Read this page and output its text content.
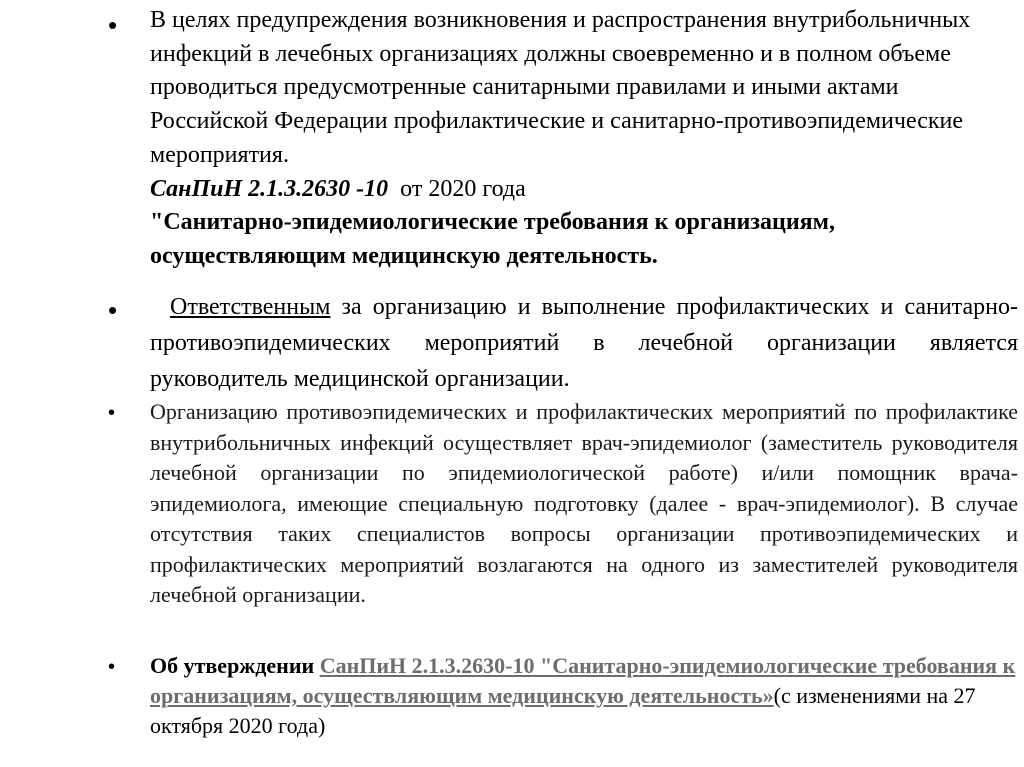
• В целях предупреждения возникновения и распространения внутрибольничных инфекций в лечебных организациях должны своевременно и в полном объеме проводиться предусмотренные санитарными правилами и иными актами Российской Федерации профилактические и санитарно-противоэпидемические мероприятия.
СанПиН 2.1.3.2630 -10 от 2020 года
"Санитарно-эпидемиологические требования к организациям, осуществляющим медицинскую деятельность.
•	Ответственным за организацию и выполнение профилактических и санитарно-противоэпидемических мероприятий в лечебной организации является руководитель медицинской организации.
• Организацию противоэпидемических и профилактических мероприятий по профилактике внутрибольничных инфекций осуществляет врач-эпидемиолог (заместитель руководителя лечебной организации по эпидемиологической работе) и/или помощник врача-эпидемиолога, имеющие специальную подготовку (далее - врач-эпидемиолог). В случае отсутствия таких специалистов вопросы организации противоэпидемических и профилактических мероприятий возлагаются на одного из заместителей руководителя лечебной организации.
• Об утверждении СанПиН 2.1.3.2630-10 "Санитарно-эпидемиологические требования к организациям, осуществляющим медицинскую деятельность»(с изменениями на 27 октября 2020 года)
